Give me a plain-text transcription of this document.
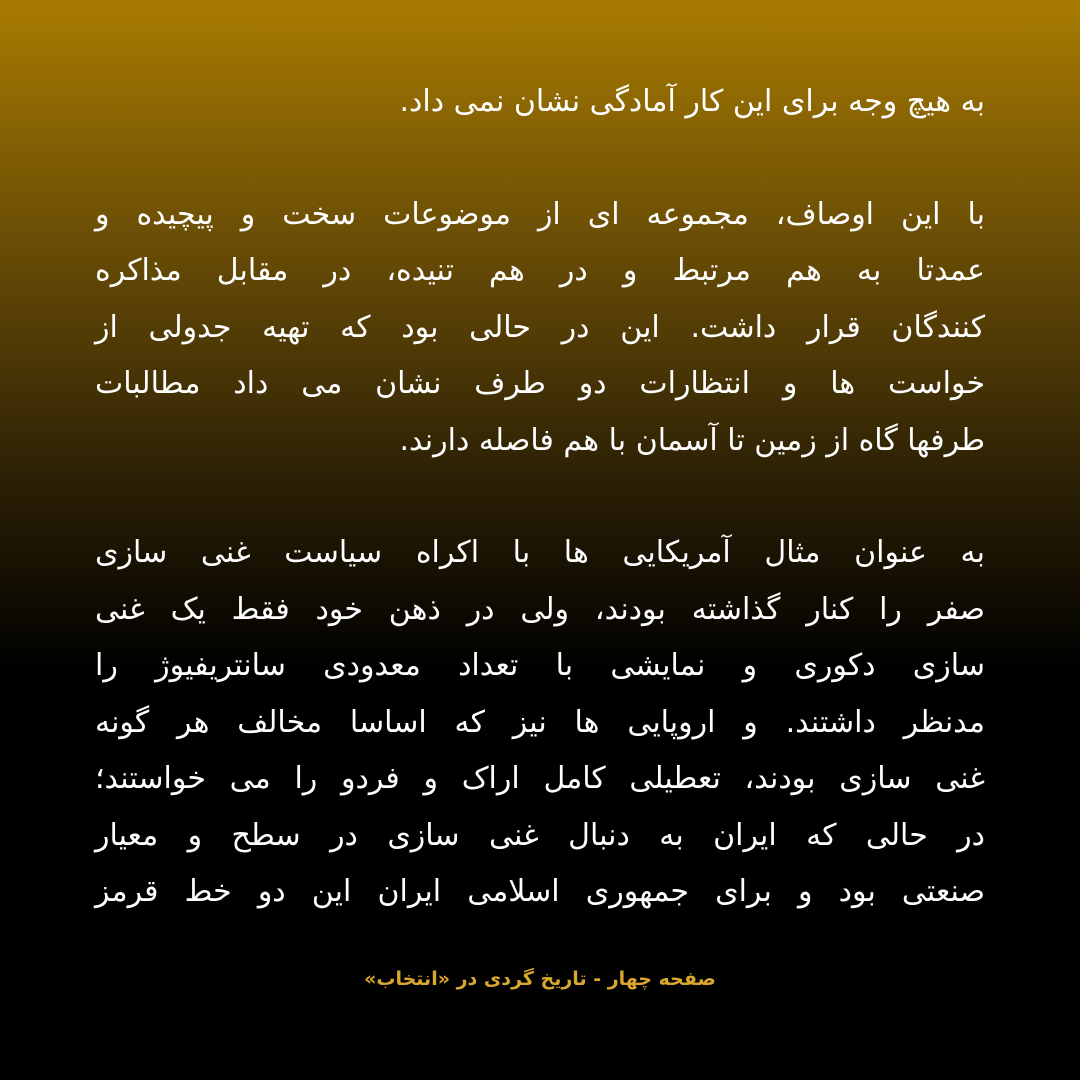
به هیچ وجه برای این کار آمادگی نشان نمی داد.

با این اوصاف، مجموعه ای از موضوعات سخت و پیچیده و
عمدتا به هم مرتبط و در هم تنیده، در مقابل مذاکره
کنندگان قرار داشت. این در حالی بود که تهیه جدولی از
خواست ها و انتظارات دو طرف نشان می داد مطالبات
طرفها گاه از زمین تا آسمان با هم فاصله دارند.

به عنوان مثال آمریکایی ها با اکراه سیاست غنی سازی
صفر را کنار گذاشته بودند، ولی در ذهن خود فقط یک غنی
سازی دکوری و نمایشی با تعداد معدودی سانتریفیوژ را
مدنظر داشتند. و اروپایی ها نیز که اساسا مخالف هر گونه
غنی سازی بودند، تعطیلی کامل اراک و فردو را می خواستند؛
در حالی که ایران به دنبال غنی سازی در سطح و معیار
صنعتی بود و برای جمهوری اسلامی ایران این دو خط قرمز

صفحه چهار - تاریخ گردی در «انتخاب»
